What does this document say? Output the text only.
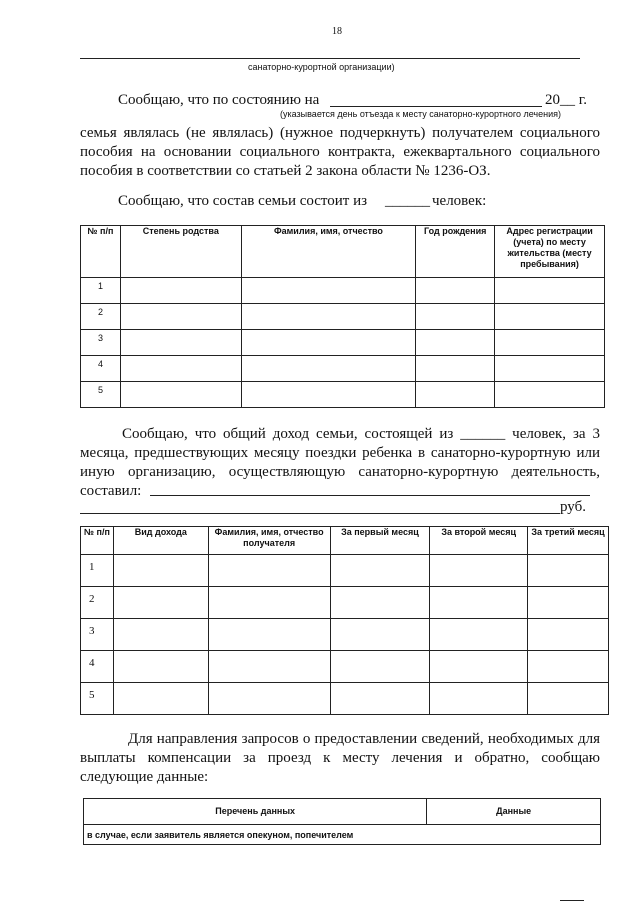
18
санаторно-курортной организации)
Сообщаю, что по состоянию на	20__ г.
(указывается день отъезда к месту санаторно-курортного лечения)
семья являлась (не являлась) (нужное подчеркнуть) получателем социального
пособия на основании социального контракта, ежеквартального социального
пособия в соответствии со статьей 2 закона области № 1236-ОЗ.
Сообщаю, что состав семьи состоит из ______ человек:
№ п/п	Степень родства	Фамилия, имя, отчество	Год рождения	Адрес регистрации (учета) по месту жительства (месту пребывания)
1				
2				
3				
4				
5				
Сообщаю, что общий доход семьи, состоящей из ______ человек, за 3
месяца, предшествующих месяцу поездки ребенка в санаторно-курортную или
иную организацию, осуществляющую санаторно-курортную деятельность,
составил:
руб.
№ п/п	Вид дохода	Фамилия, имя, отчество получателя	За первый месяц	За второй месяц	За третий месяц
1					
2					
3					
4					
5					
Для направления запросов о предоставлении сведений, необходимых для
выплаты компенсации за проезд к месту лечения и обратно, сообщаю
следующие данные:
Перечень данных	Данные
в случае, если заявитель является опекуном, попечителем
